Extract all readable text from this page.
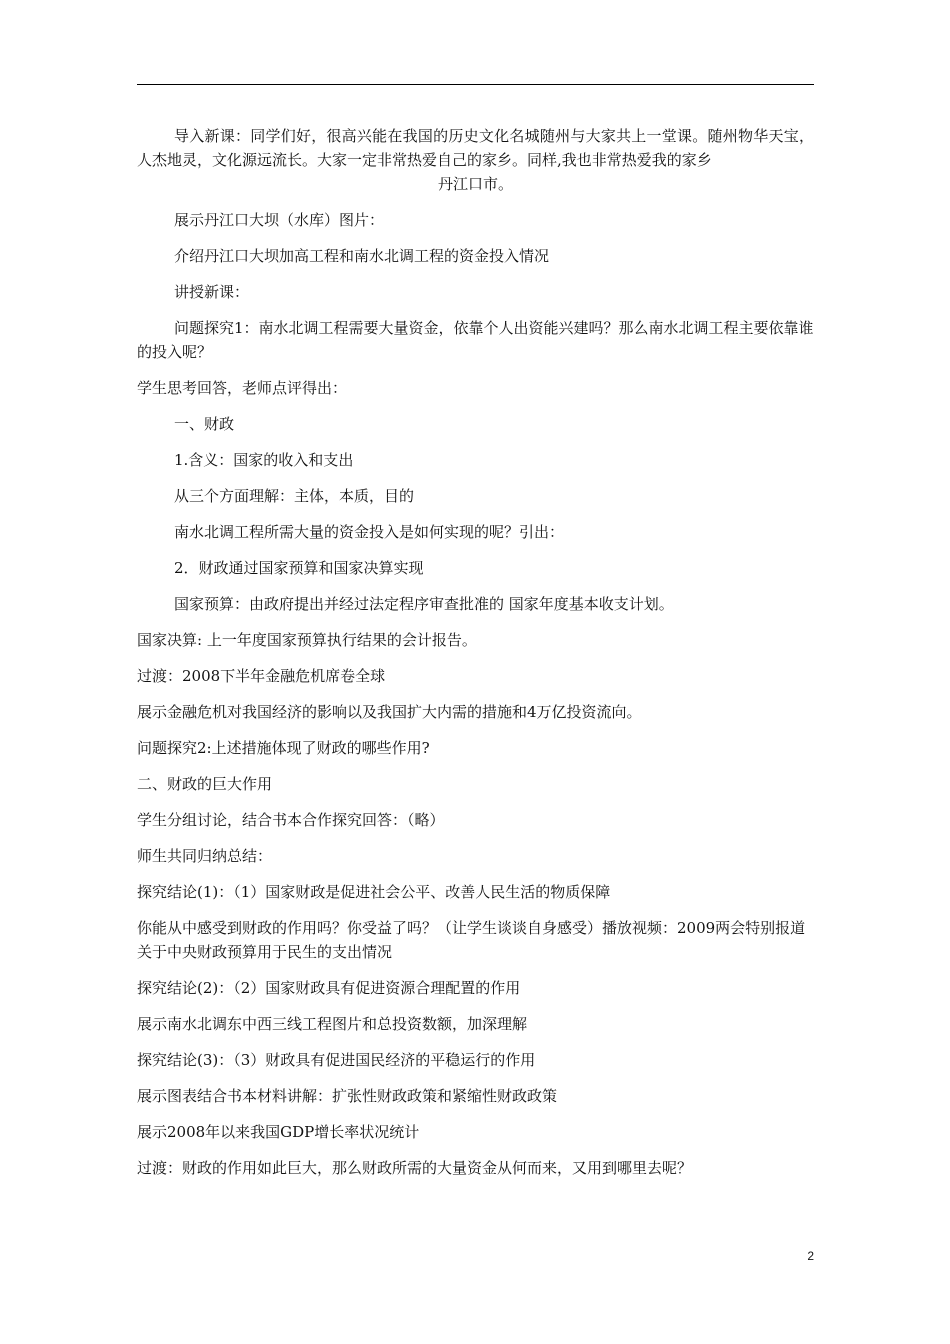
导入新课：同学们好，很高兴能在我国的历史文化名城随州与大家共上一堂课。随州物华天宝，人杰地灵，文化源远流长。大家一定非常热爱自己的家乡。同样,我也非常热爱我的家乡

丹江口市。

展示丹江口大坝（水库）图片：

介绍丹江口大坝加高工程和南水北调工程的资金投入情况

讲授新课：

问题探究1：南水北调工程需要大量资金，依靠个人出资能兴建吗？那么南水北调工程主要依靠谁的投入呢？

学生思考回答，老师点评得出：

一、财政

1.含义：国家的收入和支出

从三个方面理解：主体，本质，目的

南水北调工程所需大量的资金投入是如何实现的呢？引出：

2．财政通过国家预算和国家决算实现

国家预算：由政府提出并经过法定程序审查批准的 国家年度基本收支计划。

国家决算: 上一年度国家预算执行结果的会计报告。

过渡：2008下半年金融危机席卷全球

展示金融危机对我国经济的影响以及我国扩大内需的措施和4万亿投资流向。

问题探究2:上述措施体现了财政的哪些作用?

二、财政的巨大作用

学生分组讨论，结合书本合作探究回答：（略）

师生共同归纳总结：

探究结论(1)：（1）国家财政是促进社会公平、改善人民生活的物质保障

你能从中感受到财政的作用吗？你受益了吗？（让学生谈谈自身感受）播放视频：2009两会特别报道关于中央财政预算用于民生的支出情况

探究结论(2)：（2）国家财政具有促进资源合理配置的作用

展示南水北调东中西三线工程图片和总投资数额，加深理解

探究结论(3)：（3）财政具有促进国民经济的平稳运行的作用

展示图表结合书本材料讲解：扩张性财政政策和紧缩性财政政策

展示2008年以来我国GDP增长率状况统计

过渡：财政的作用如此巨大，那么财政所需的大量资金从何而来，又用到哪里去呢？

2
